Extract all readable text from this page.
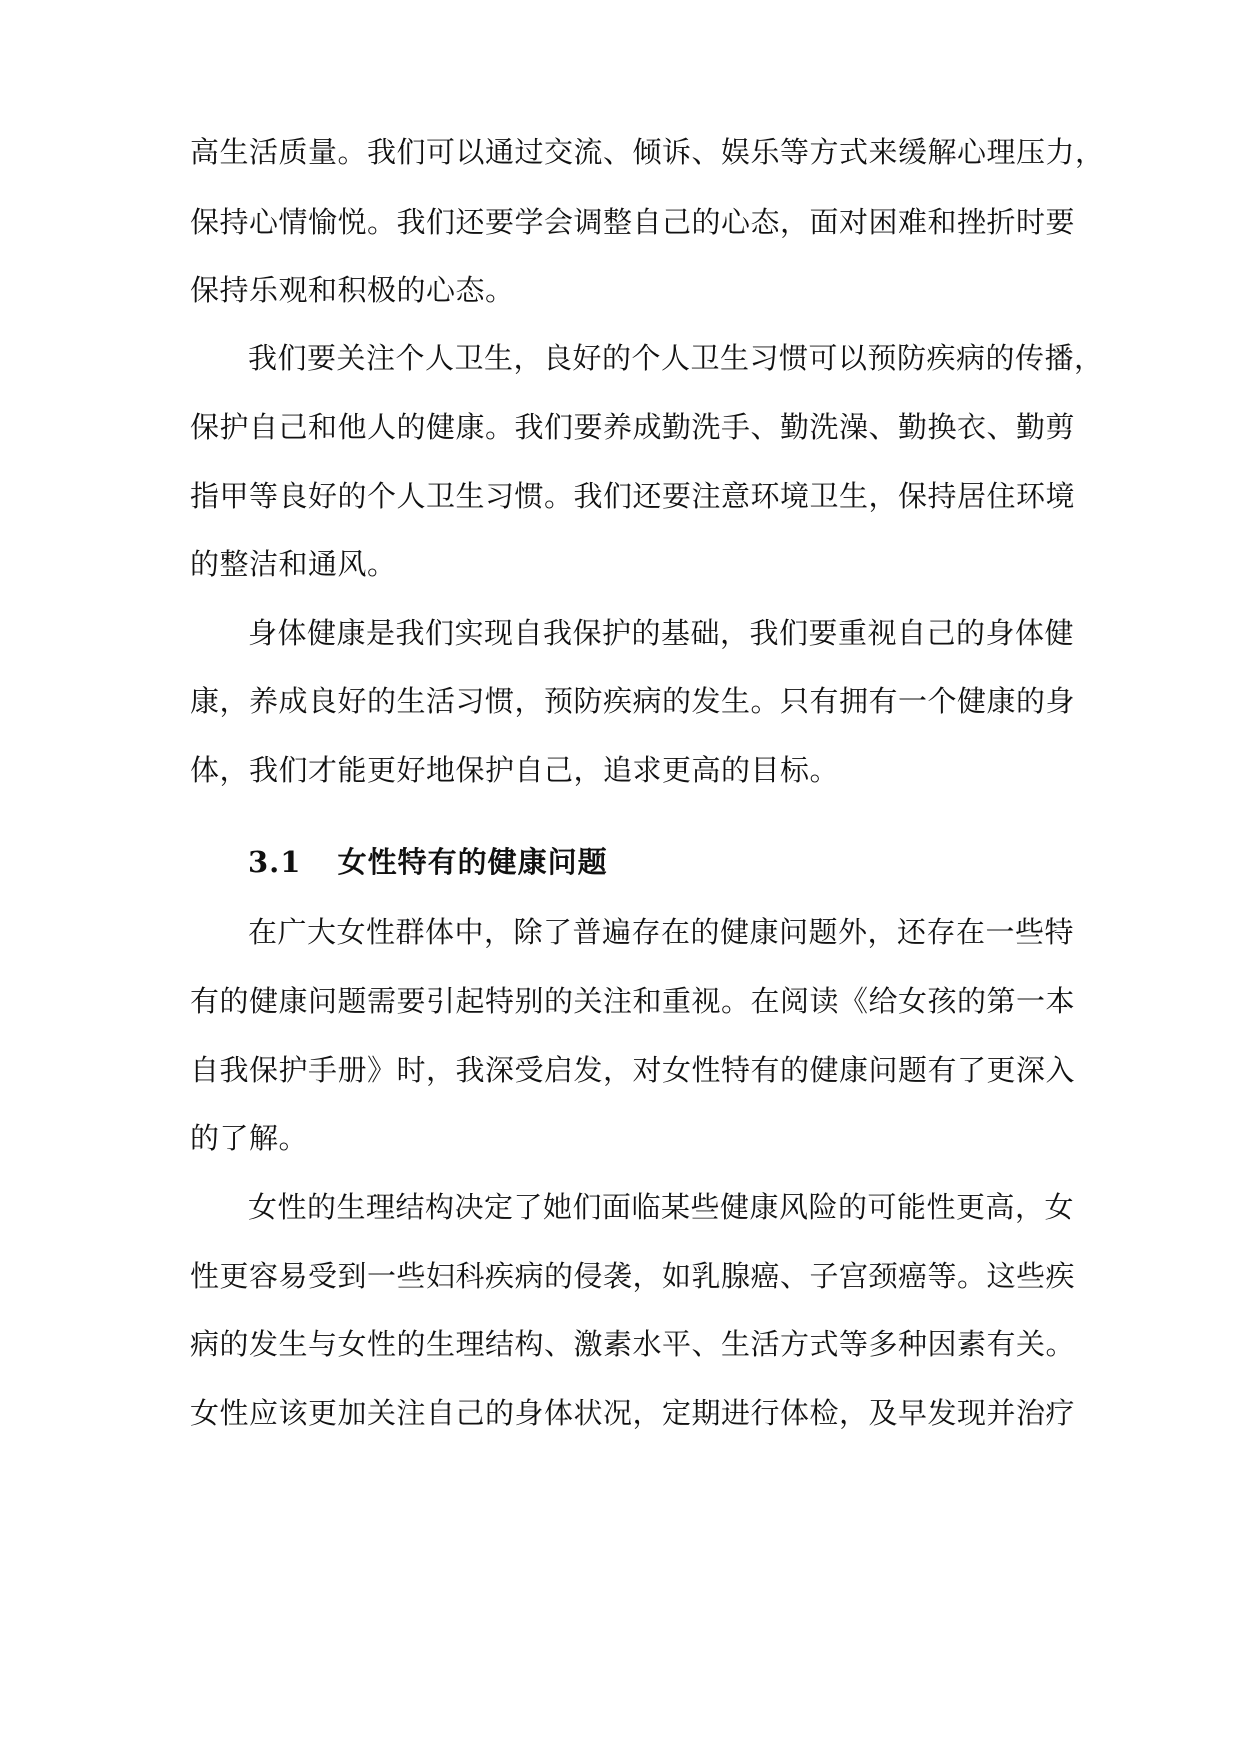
高生活质量。我们可以通过交流、倾诉、娱乐等方式来缓解心理压力，
保持心情愉悦。我们还要学会调整自己的心态，面对困难和挫折时要
保持乐观和积极的心态。
我们要关注个人卫生，良好的个人卫生习惯可以预防疾病的传播，
保护自己和他人的健康。我们要养成勤洗手、勤洗澡、勤换衣、勤剪
指甲等良好的个人卫生习惯。我们还要注意环境卫生，保持居住环境
的整洁和通风。
身体健康是我们实现自我保护的基础，我们要重视自己的身体健
康，养成良好的生活习惯，预防疾病的发生。只有拥有一个健康的身
体，我们才能更好地保护自己，追求更高的目标。
3.1 女性特有的健康问题
在广大女性群体中，除了普遍存在的健康问题外，还存在一些特
有的健康问题需要引起特别的关注和重视。在阅读《给女孩的第一本
自我保护手册》时，我深受启发，对女性特有的健康问题有了更深入
的了解。
女性的生理结构决定了她们面临某些健康风险的可能性更高，女
性更容易受到一些妇科疾病的侵袭，如乳腺癌、子宫颈癌等。这些疾
病的发生与女性的生理结构、激素水平、生活方式等多种因素有关。
女性应该更加关注自己的身体状况，定期进行体检，及早发现并治疗
